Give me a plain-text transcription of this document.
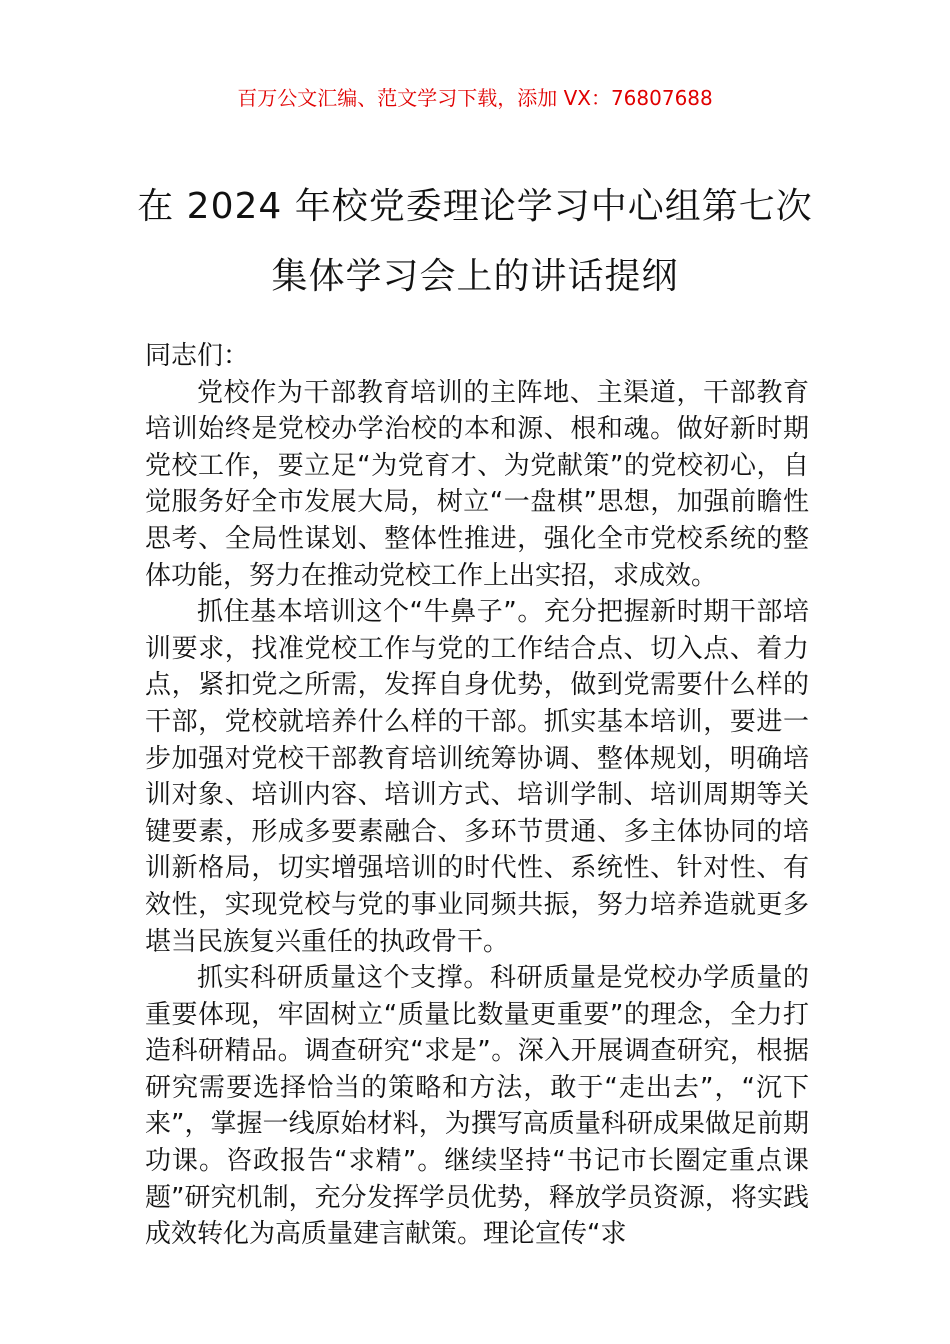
百万公文汇编、范文学习下载，添加 VX：76807688
在 2024 年校党委理论学习中心组第七次集体学习会上的讲话提纲

同志们：

党校作为干部教育培训的主阵地、主渠道，干部教育培训始终是党校办学治校的本和源、根和魂。做好新时期党校工作，要立足“为党育才、为党献策”的党校初心，自觉服务好全市发展大局，树立“一盘棋”思想，加强前瞻性思考、全局性谋划、整体性推进，强化全市党校系统的整体功能，努力在推动党校工作上出实招，求成效。

抓住基本培训这个“牛鼻子”。充分把握新时期干部培训要求，找准党校工作与党的工作结合点、切入点、着力点，紧扣党之所需，发挥自身优势，做到党需要什么样的干部，党校就培养什么样的干部。抓实基本培训，要进一步加强对党校干部教育培训统筹协调、整体规划，明确培训对象、培训内容、培训方式、培训学制、培训周期等关键要素，形成多要素融合、多环节贯通、多主体协同的培训新格局，切实增强培训的时代性、系统性、针对性、有效性，实现党校与党的事业同频共振，努力培养造就更多堪当民族复兴重任的执政骨干。

抓实科研质量这个支撑。科研质量是党校办学质量的重要体现，牢固树立“质量比数量更重要”的理念，全力打造科研精品。调查研究“求是”。深入开展调查研究，根据研究需要选择恰当的策略和方法，敢于“走出去”，“沉下来”，掌握一线原始材料，为撰写高质量科研成果做足前期功课。咨政报告“求精”。继续坚持“书记市长圈定重点课题”研究机制，充分发挥学员优势，释放学员资源，将实践成效转化为高质量建言献策。理论宣传“求
